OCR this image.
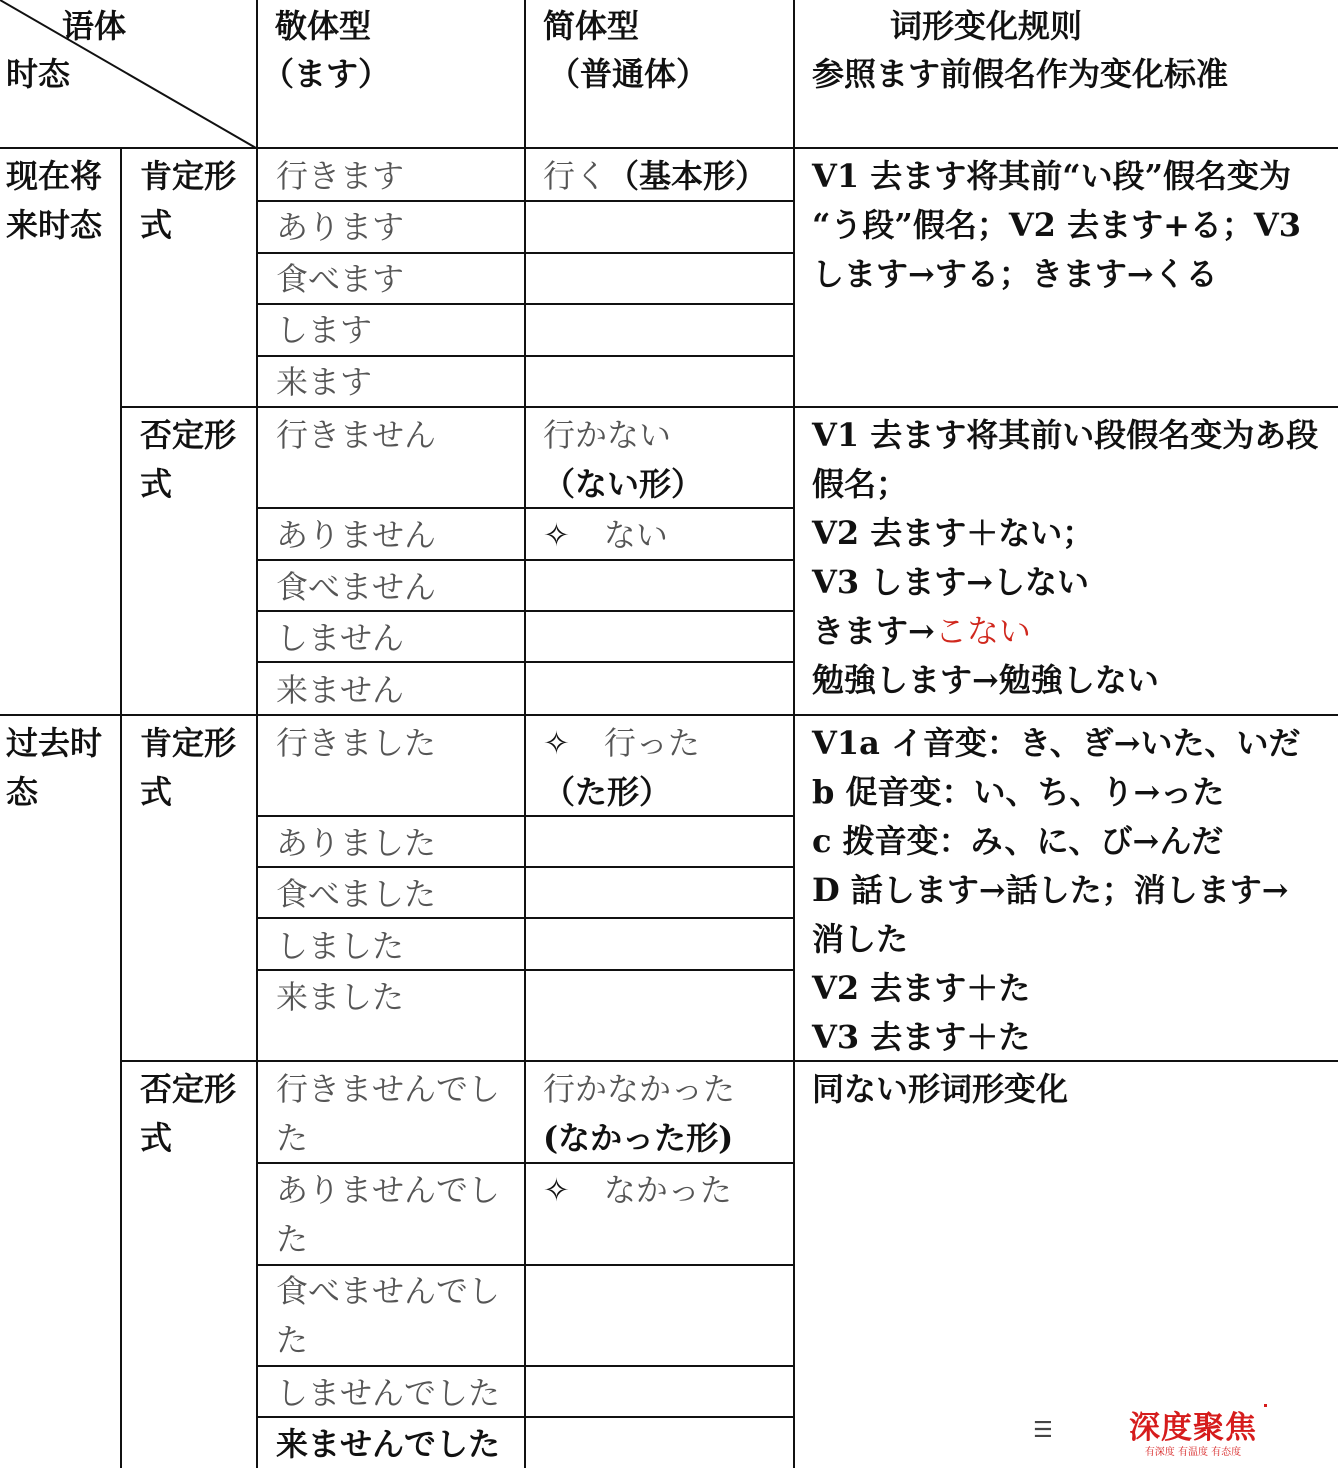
语体
时态
敬体型
（ます）
简体型
（普通体）
词形变化规则
参照ます前假名作为变化标准
现在将
来时态
肯定形
式
行きます
あります
食べます
します
来ます
行く（基本形） V1 去ます将其前“い段”假名变为
“う段”假名；V2 去ます+る；V3
します→する；きます→くる
否定形
式
行きません
ありません
食べません
しません
来ません
行かない
（ない形）
✧ ない
V1 去ます将其前い段假名变为あ段
假名；
V2 去ます＋ない；
V3 します→しない
きます→こない
勉強します→勉強しない
过去时
态
肯定形
式
行きました
ありました
食べました
しました
来ました
✧ 行った
（た形）
V1a イ音变：き、ぎ→いた、いだ
b 促音变：い、ち、り→った
c 拨音变：み、に、び→んだ
D 話します→話した；消します→
消した
V2 去ます＋た
V3 去ます＋た
否定形
式
行きませんでし
た
ありませんでし
た
食べませんでし
た
しませんでした
来ませんでした
行かなかった
(なかった形)
✧ なかった
同ない形词形变化
☰	深度聚焦
有深度 有温度 有态度
